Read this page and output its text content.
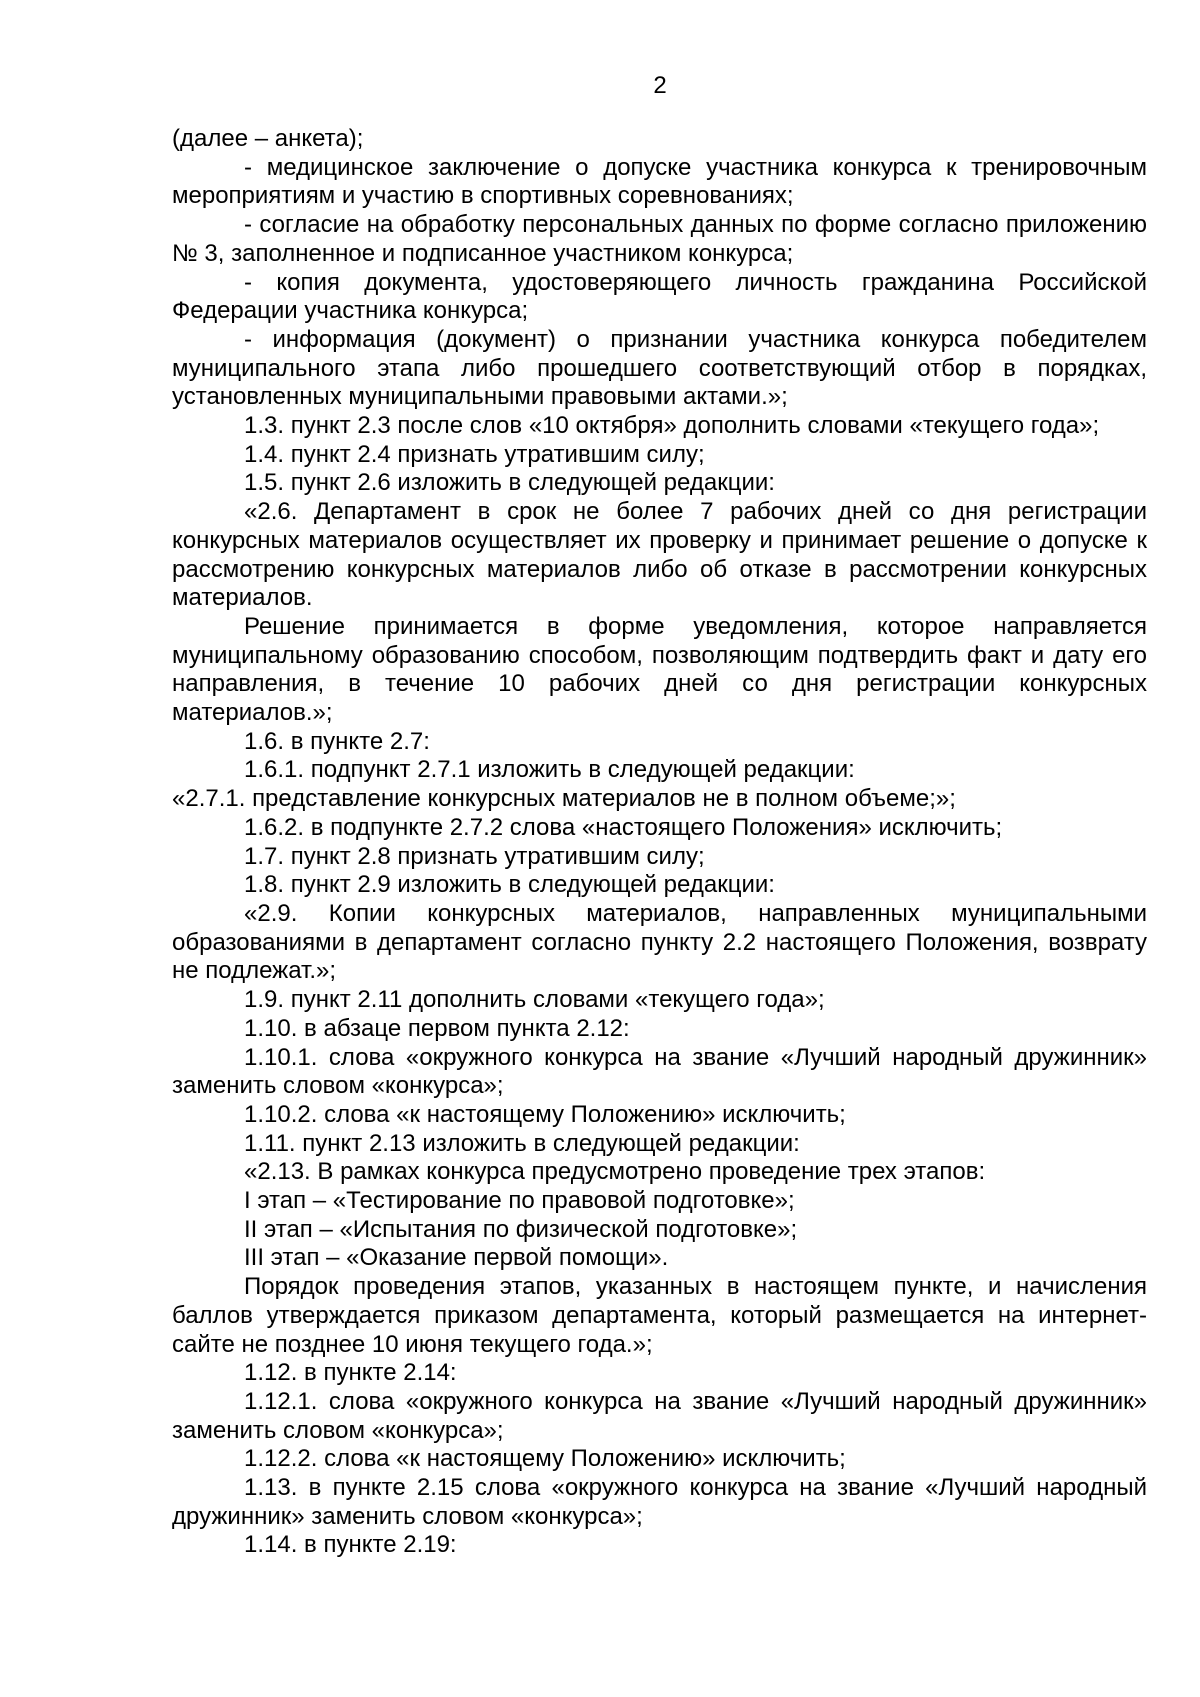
2

(далее – анкета);

- медицинское заключение о допуске участника конкурса к тренировочным мероприятиям и участию в спортивных соревнованиях;

- согласие на обработку персональных данных по форме согласно приложению № 3, заполненное и подписанное участником конкурса;

- копия документа, удостоверяющего личность гражданина Российской Федерации участника конкурса;

- информация (документ) о признании участника конкурса победителем муниципального этапа либо прошедшего соответствующий отбор в порядках, установленных муниципальными правовыми актами.»;

1.3. пункт 2.3 после слов «10 октября» дополнить словами «текущего года»;

1.4. пункт 2.4 признать утратившим силу;

1.5. пункт 2.6 изложить в следующей редакции:

«2.6. Департамент в срок не более 7 рабочих дней со дня регистрации конкурсных материалов осуществляет их проверку и принимает решение о допуске к рассмотрению конкурсных материалов либо об отказе в рассмотрении конкурсных материалов.

Решение принимается в форме уведомления, которое направляется муниципальному образованию способом, позволяющим подтвердить факт и дату его направления, в течение 10 рабочих дней со дня регистрации конкурсных материалов.»;

1.6. в пункте 2.7:

1.6.1. подпункт 2.7.1 изложить в следующей редакции:

«2.7.1. представление конкурсных материалов не в полном объеме;»;

1.6.2. в подпункте 2.7.2 слова «настоящего Положения» исключить;

1.7. пункт 2.8 признать утратившим силу;

1.8. пункт 2.9 изложить в следующей редакции:

«2.9. Копии конкурсных материалов, направленных муниципальными образованиями в департамент согласно пункту 2.2 настоящего Положения, возврату не подлежат.»;

1.9. пункт 2.11 дополнить словами «текущего года»;

1.10. в абзаце первом пункта 2.12:

1.10.1. слова «окружного конкурса на звание «Лучший народный дружинник» заменить словом «конкурса»;

1.10.2. слова «к настоящему Положению» исключить;

1.11. пункт 2.13 изложить в следующей редакции:

«2.13. В рамках конкурса предусмотрено проведение трех этапов:

I этап – «Тестирование по правовой подготовке»;

II этап – «Испытания по физической подготовке»;

III этап – «Оказание первой помощи».

Порядок проведения этапов, указанных в настоящем пункте, и начисления баллов утверждается приказом департамента, который размещается на интернет-сайте не позднее 10 июня текущего года.»;

1.12. в пункте 2.14:

1.12.1. слова «окружного конкурса на звание «Лучший народный дружинник» заменить словом «конкурса»;

1.12.2. слова «к настоящему Положению» исключить;

1.13. в пункте 2.15 слова «окружного конкурса на звание «Лучший народный дружинник» заменить словом «конкурса»;

1.14. в пункте 2.19:
